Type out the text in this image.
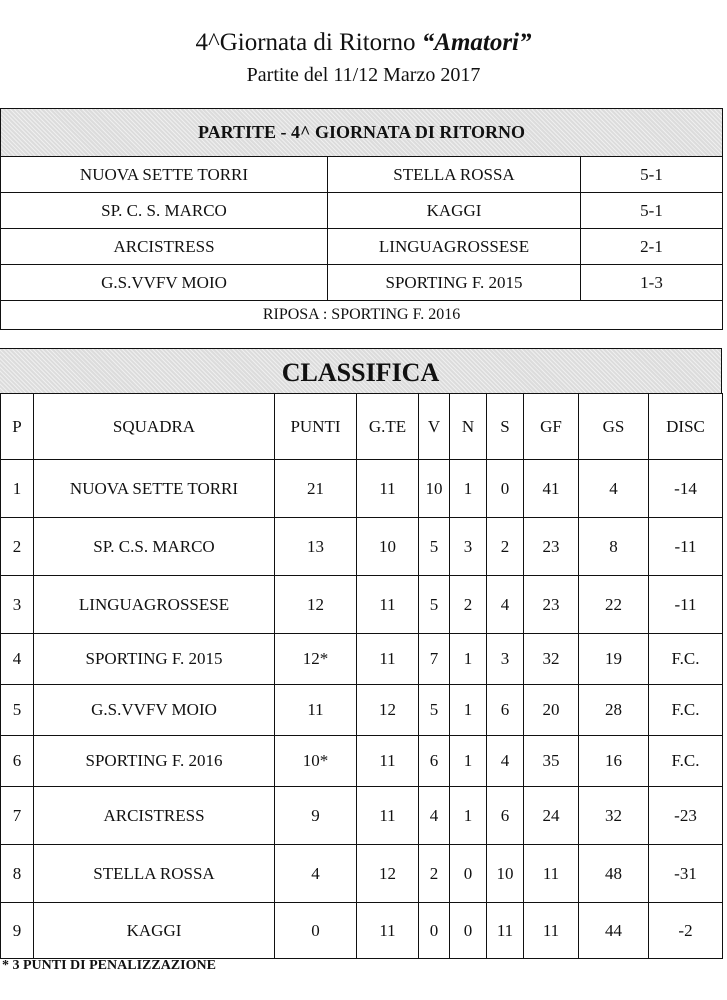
4^Giornata di Ritorno “Amatori”
Partite del 11/12 Marzo 2017
PARTITE - 4^ GIORNATA DI RITORNO		
NUOVA SETTE TORRI	STELLA ROSSA	5-1
SP. C. S. MARCO	KAGGI	5-1
ARCISTRESS	LINGUAGROSSESE	2-1
G.S.VVFV MOIO	SPORTING F. 2015	1-3
RIPOSA : SPORTING F. 2016		
CLASSIFICA
P	SQUADRA	PUNTI	G.TE	V	N	S	GF	GS	DISC
1	NUOVA SETTE TORRI	21	11	10	1	0	41	4	-14
2	SP. C.S. MARCO	13	10	5	3	2	23	8	-11
3	LINGUAGROSSESE	12	11	5	2	4	23	22	-11
4	SPORTING F. 2015	12*	11	7	1	3	32	19	F.C.
5	G.S.VVFV MOIO	11	12	5	1	6	20	28	F.C.
6	SPORTING F. 2016	10*	11	6	1	4	35	16	F.C.
7	ARCISTRESS	9	11	4	1	6	24	32	-23
8	STELLA ROSSA	4	12	2	0	10	11	48	-31
9	KAGGI	0	11	0	0	11	11	44	-2
* 3 PUNTI DI PENALIZZAZIONE
